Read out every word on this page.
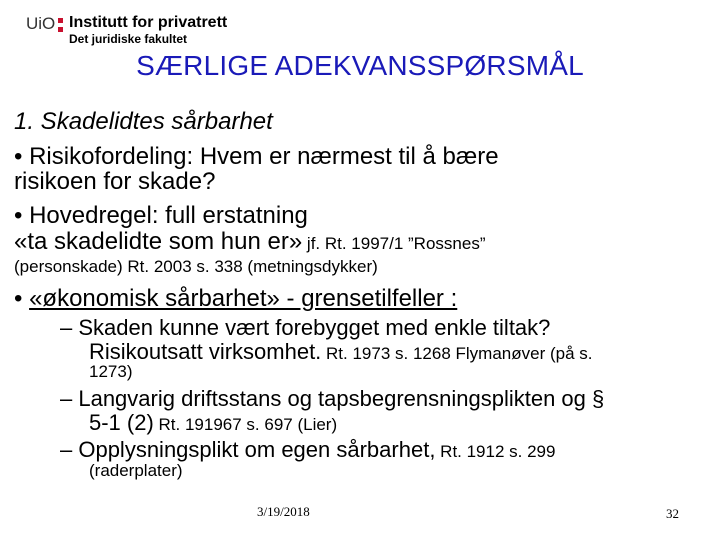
UiO Institutt for privatrett
Det juridiske fakultet
SÆRLIGE ADEKVANSSPØRSMÅL
1. Skadelidtes sårbarhet
• Risikofordeling: Hvem er nærmest til å bære
risikoen for skade?
• Hovedregel: full erstatning
«ta skadelidte som hun er» jf. Rt. 1997/1 ”Rossnes”
(personskade) Rt. 2003 s. 338 (metningsdykker)
• «økonomisk sårbarhet» - grensetilfeller :
– Skaden kunne vært forebygget med enkle tiltak?
Risikoutsatt virksomhet. Rt. 1973 s. 1268 Flymanøver (på s.
1273)
– Langvarig driftsstans og tapsbegrensningsplikten og §
5-1 (2) Rt. 191967 s. 697 (Lier)
– Opplysningsplikt om egen sårbarhet, Rt. 1912 s. 299
(raderplater)
3/19/2018	32
